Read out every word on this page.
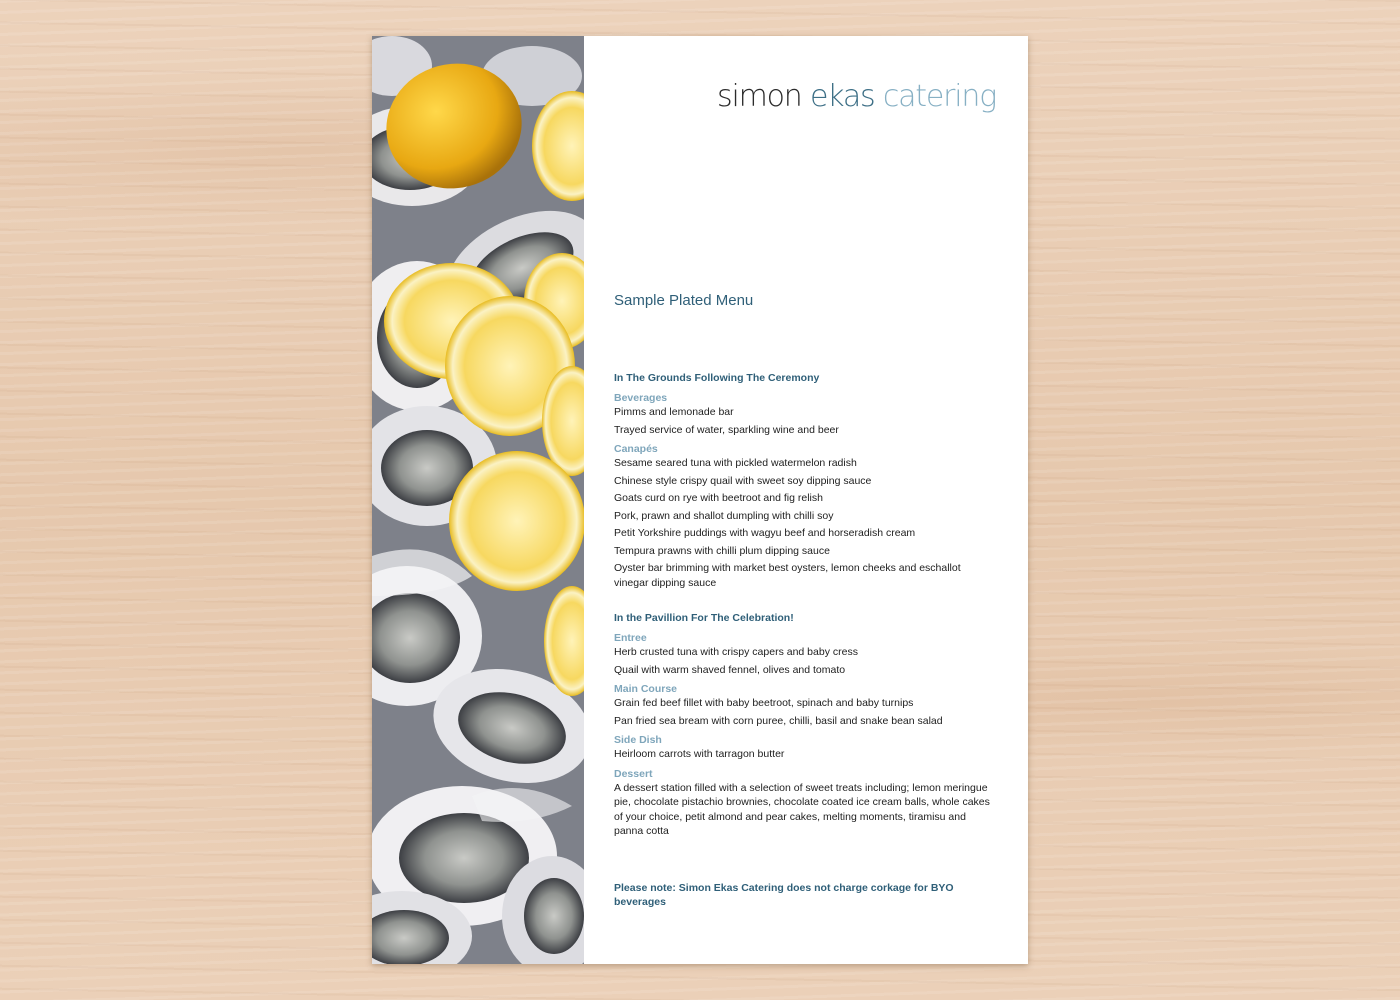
simon ekas catering
Sample Plated Menu
In The Grounds Following The Ceremony
Beverages
Pimms and lemonade bar
Trayed service of water, sparkling wine and beer
Canapés
Sesame seared tuna with pickled watermelon radish
Chinese style crispy quail with sweet soy dipping sauce
Goats curd on rye with beetroot and fig relish
Pork, prawn and shallot dumpling with chilli soy
Petit Yorkshire puddings with wagyu beef and horseradish cream
Tempura prawns with chilli plum dipping sauce
Oyster bar brimming with market best oysters, lemon cheeks and eschallot vinegar dipping sauce
In the Pavillion For The Celebration!
Entree
Herb crusted tuna with crispy capers and baby cress
Quail with warm shaved fennel, olives and tomato
Main Course
Grain fed beef fillet with baby beetroot, spinach and baby turnips
Pan fried sea bream with corn puree, chilli, basil and snake bean salad
Side Dish
Heirloom carrots with tarragon butter
Dessert
A dessert station filled with a selection of sweet treats including; lemon meringue pie, chocolate pistachio brownies, chocolate coated ice cream balls, whole cakes of your choice, petit almond and pear cakes, melting moments, tiramisu and panna cotta
Please note: Simon Ekas Catering does not charge corkage for BYO beverages
